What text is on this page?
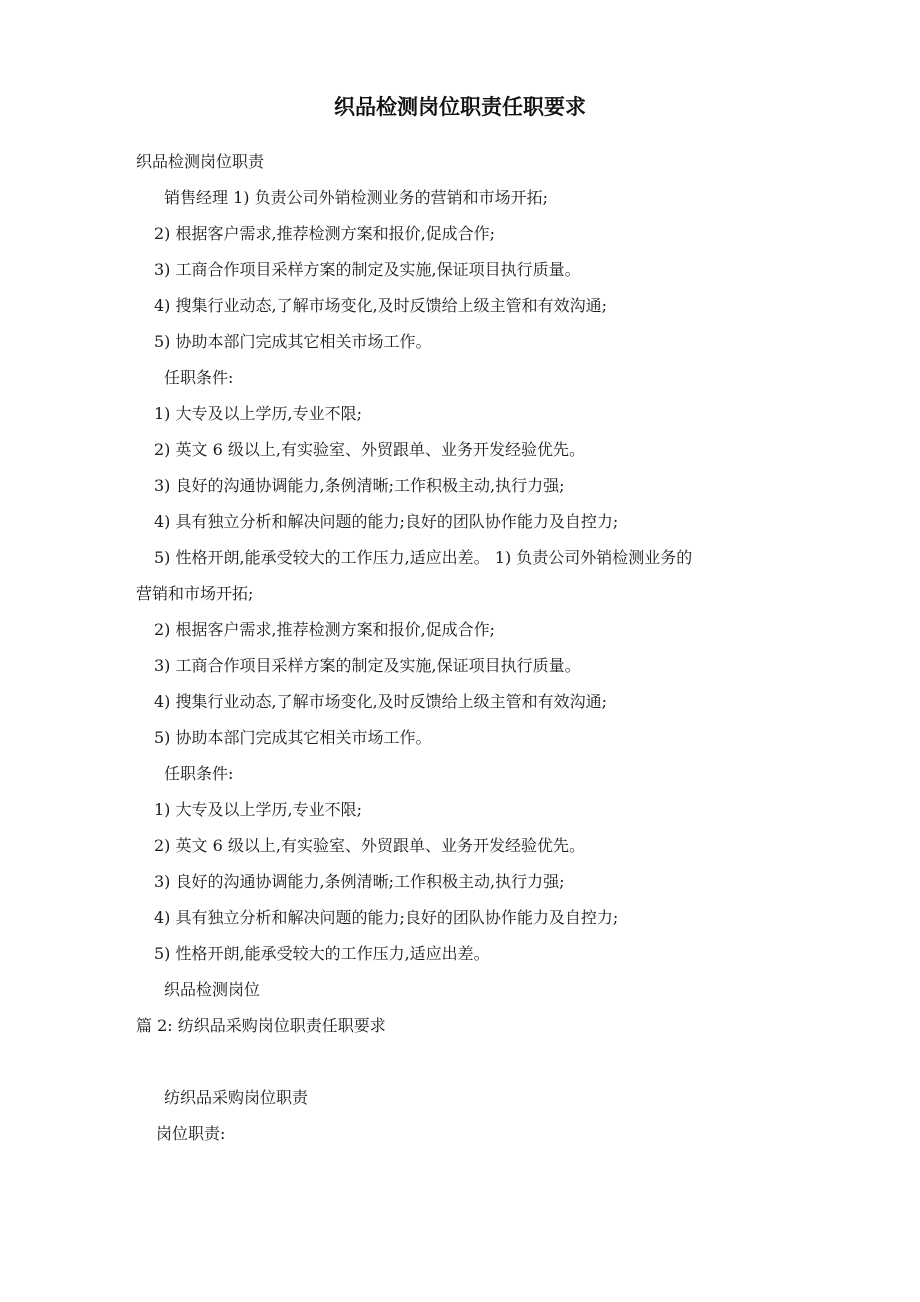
织品检测岗位职责任职要求
织品检测岗位职责
销售经理 1) 负责公司外销检测业务的营销和市场开拓;
2) 根据客户需求,推荐检测方案和报价,促成合作;
3) 工商合作项目采样方案的制定及实施,保证项目执行质量。
4) 搜集行业动态,了解市场变化,及时反馈给上级主管和有效沟通;
5) 协助本部门完成其它相关市场工作。
任职条件:
1) 大专及以上学历,专业不限;
2) 英文 6 级以上,有实验室、外贸跟单、业务开发经验优先。
3) 良好的沟通协调能力,条例清晰;工作积极主动,执行力强;
4) 具有独立分析和解决问题的能力;良好的团队协作能力及自控力;
5) 性格开朗,能承受较大的工作压力,适应出差。 1) 负责公司外销检测业务的
营销和市场开拓;
2) 根据客户需求,推荐检测方案和报价,促成合作;
3) 工商合作项目采样方案的制定及实施,保证项目执行质量。
4) 搜集行业动态,了解市场变化,及时反馈给上级主管和有效沟通;
5) 协助本部门完成其它相关市场工作。
任职条件:
1) 大专及以上学历,专业不限;
2) 英文 6 级以上,有实验室、外贸跟单、业务开发经验优先。
3) 良好的沟通协调能力,条例清晰;工作积极主动,执行力强;
4) 具有独立分析和解决问题的能力;良好的团队协作能力及自控力;
5) 性格开朗,能承受较大的工作压力,适应出差。
织品检测岗位
篇 2: 纺织品采购岗位职责任职要求
纺织品采购岗位职责
岗位职责:
